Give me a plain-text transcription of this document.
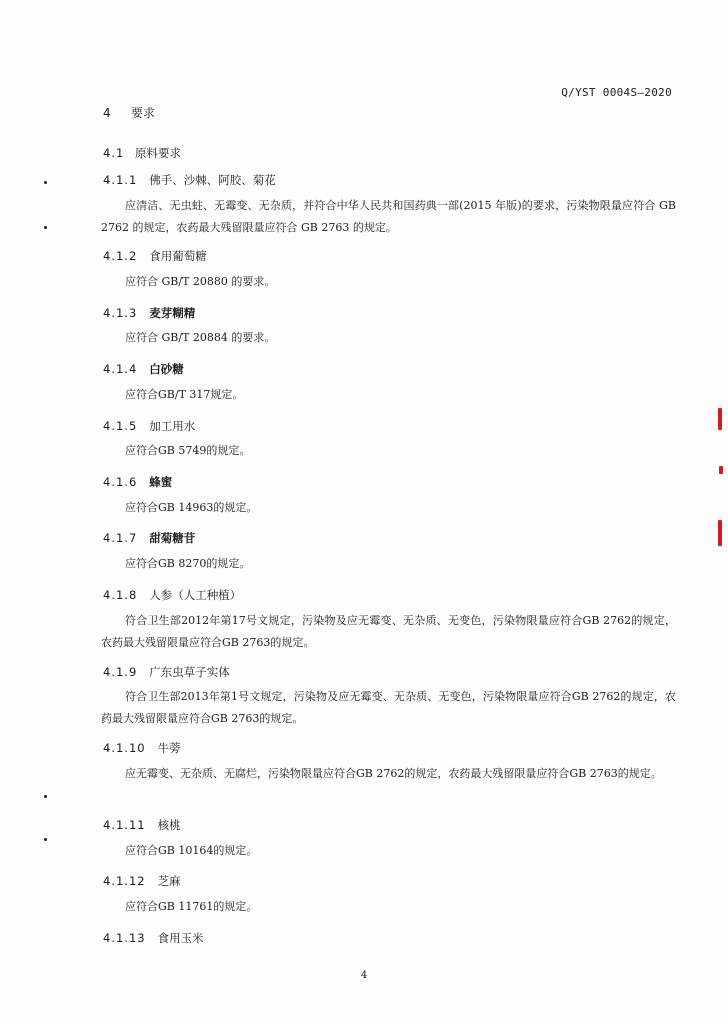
Q/YST 0004S—2020
4 要求
4.1 原料要求
4.1.1 佛手、沙棘、阿胶、菊花
应清洁、无虫蛀、无霉变、无杂质，并符合中华人民共和国药典一部(2015 年版)的要求，污染物限量应符合 GB 2762 的规定，农药最大残留限量应符合 GB 2763 的规定。
4.1.2 食用葡萄糖
应符合 GB/T 20880 的要求。
4.1.3 麦芽糊精
应符合 GB/T 20884 的要求。
4.1.4 白砂糖
应符合GB/T 317规定。
4.1.5 加工用水
应符合GB 5749的规定。
4.1.6 蜂蜜
应符合GB 14963的规定。
4.1.7 甜菊糖苷
应符合GB 8270的规定。
4.1.8 人参（人工种植）
符合卫生部2012年第17号文规定，污染物及应无霉变、无杂质、无变色，污染物限量应符合GB 2762的规定，农药最大残留限量应符合GB 2763的规定。
4.1.9 广东虫草子实体
符合卫生部2013年第1号文规定，污染物及应无霉变、无杂质、无变色，污染物限量应符合GB 2762的规定，农药最大残留限量应符合GB 2763的规定。
4.1.10 牛蒡
应无霉变、无杂质、无腐烂，污染物限量应符合GB 2762的规定，农药最大残留限量应符合GB 2763的规定。
4.1.11 核桃
应符合GB 10164的规定。
4.1.12 芝麻
应符合GB 11761的规定。
4.1.13 食用玉米
4
